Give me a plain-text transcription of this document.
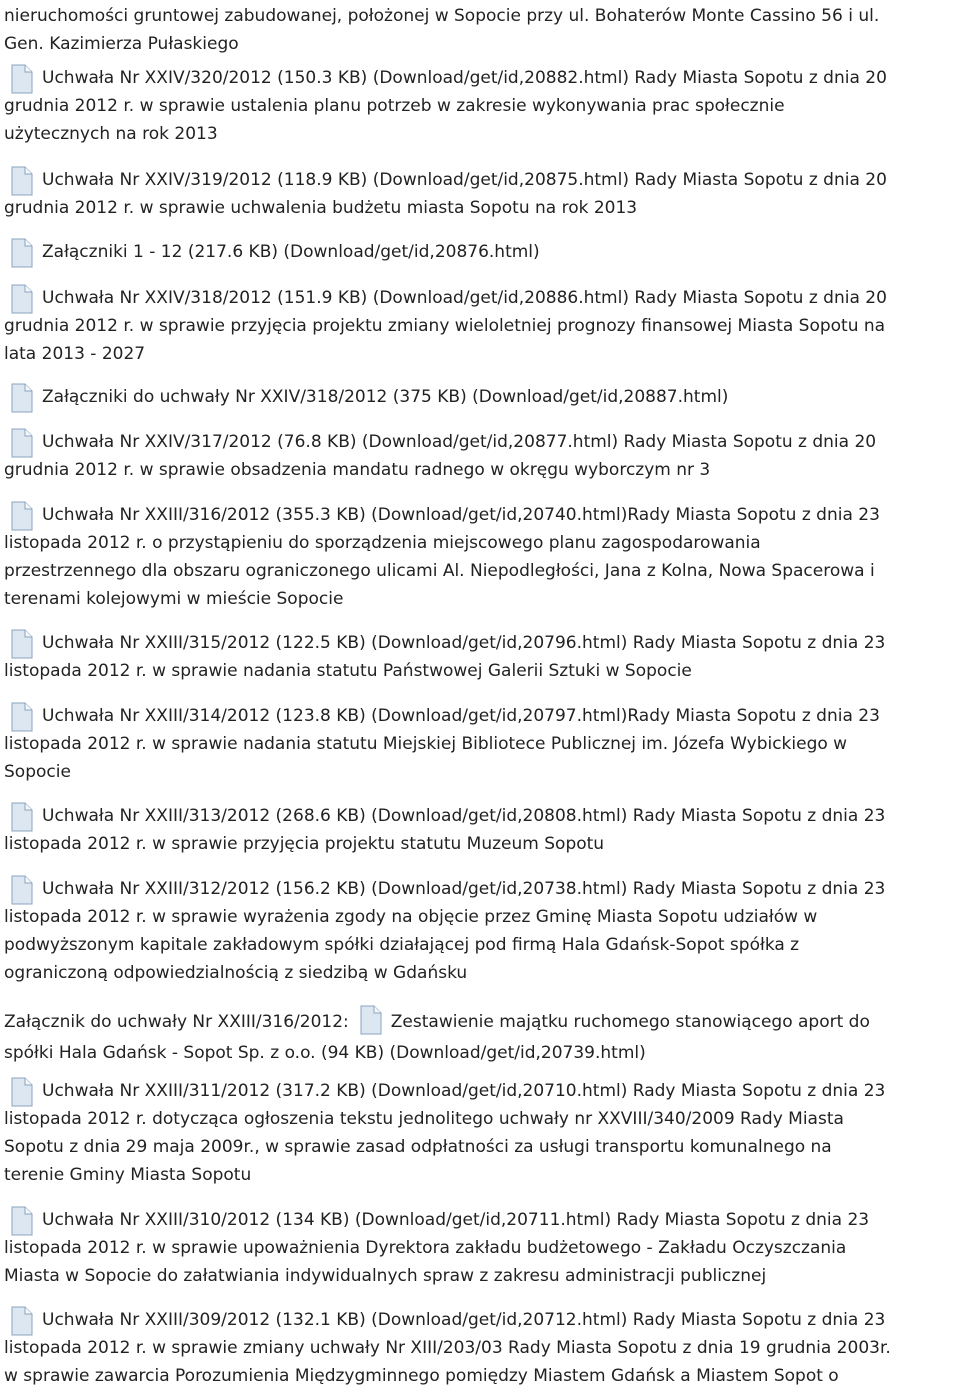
nieruchomości gruntowej zabudowanej, położonej w Sopocie przy ul. Bohaterów Monte Cassino 56 i ul.

Gen. Kazimierza Pułaskiego

Uchwała Nr XXIV/320/2012 (150.3 KB) (Download/get/id,20882.html) Rady Miasta Sopotu z dnia 20

grudnia 2012 r. w sprawie ustalenia planu potrzeb w zakresie wykonywania prac społecznie

użytecznych na rok 2013

Uchwała Nr XXIV/319/2012 (118.9 KB) (Download/get/id,20875.html) Rady Miasta Sopotu z dnia 20

grudnia 2012 r. w sprawie uchwalenia budżetu miasta Sopotu na rok 2013

Załączniki 1 - 12 (217.6 KB) (Download/get/id,20876.html)
Uchwała Nr XXIV/318/2012 (151.9 KB) (Download/get/id,20886.html) Rady Miasta Sopotu z dnia 20

grudnia 2012 r. w sprawie przyjęcia projektu zmiany wieloletniej prognozy finansowej Miasta Sopotu na

lata 2013 - 2027

Załączniki do uchwały Nr XXIV/318/2012 (375 KB) (Download/get/id,20887.html)
Uchwała Nr XXIV/317/2012 (76.8 KB) (Download/get/id,20877.html) Rady Miasta Sopotu z dnia 20

grudnia 2012 r. w sprawie obsadzenia mandatu radnego w okręgu wyborczym nr 3

Uchwała Nr XXIII/316/2012 (355.3 KB) (Download/get/id,20740.html)Rady Miasta Sopotu z dnia 23

listopada 2012 r. o przystąpieniu do sporządzenia miejscowego planu zagospodarowania

przestrzennego dla obszaru ograniczonego ulicami Al. Niepodległości, Jana z Kolna, Nowa Spacerowa i

terenami kolejowymi w mieście Sopocie

Uchwała Nr XXIII/315/2012 (122.5 KB) (Download/get/id,20796.html) Rady Miasta Sopotu z dnia 23

listopada 2012 r. w sprawie nadania statutu Państwowej Galerii Sztuki w Sopocie

Uchwała Nr XXIII/314/2012 (123.8 KB) (Download/get/id,20797.html)Rady Miasta Sopotu z dnia 23

listopada 2012 r. w sprawie nadania statutu Miejskiej Bibliotece Publicznej im. Józefa Wybickiego w

Sopocie

Uchwała Nr XXIII/313/2012 (268.6 KB) (Download/get/id,20808.html) Rady Miasta Sopotu z dnia 23

listopada 2012 r. w sprawie przyjęcia projektu statutu Muzeum Sopotu

Uchwała Nr XXIII/312/2012 (156.2 KB) (Download/get/id,20738.html) Rady Miasta Sopotu z dnia 23

listopada 2012 r. w sprawie wyrażenia zgody na objęcie przez Gminę Miasta Sopotu udziałów w

podwyższonym kapitale zakładowym spółki działającej pod firmą Hala Gdańsk-Sopot spółka z

ograniczoną odpowiedzialnością z siedzibą w Gdańsku

Załącznik do uchwały Nr XXIII/316/2012: Zestawienie majątku ruchomego stanowiącego aport do

spółki Hala Gdańsk - Sopot Sp. z o.o. (94 KB) (Download/get/id,20739.html)

Uchwała Nr XXIII/311/2012 (317.2 KB) (Download/get/id,20710.html) Rady Miasta Sopotu z dnia 23

listopada 2012 r. dotycząca ogłoszenia tekstu jednolitego uchwały nr XXVIII/340/2009 Rady Miasta

Sopotu z dnia 29 maja 2009r., w sprawie zasad odpłatności za usługi transportu komunalnego na

terenie Gminy Miasta Sopotu

Uchwała Nr XXIII/310/2012 (134 KB) (Download/get/id,20711.html) Rady Miasta Sopotu z dnia 23

listopada 2012 r. w sprawie upoważnienia Dyrektora zakładu budżetowego - Zakładu Oczyszczania

Miasta w Sopocie do załatwiania indywidualnych spraw z zakresu administracji publicznej

Uchwała Nr XXIII/309/2012 (132.1 KB) (Download/get/id,20712.html) Rady Miasta Sopotu z dnia 23

listopada 2012 r. w sprawie zmiany uchwały Nr XIII/203/03 Rady Miasta Sopotu z dnia 19 grudnia 2003r.

w sprawie zawarcia Porozumienia Międzygminnego pomiędzy Miastem Gdańsk a Miastem Sopot o
